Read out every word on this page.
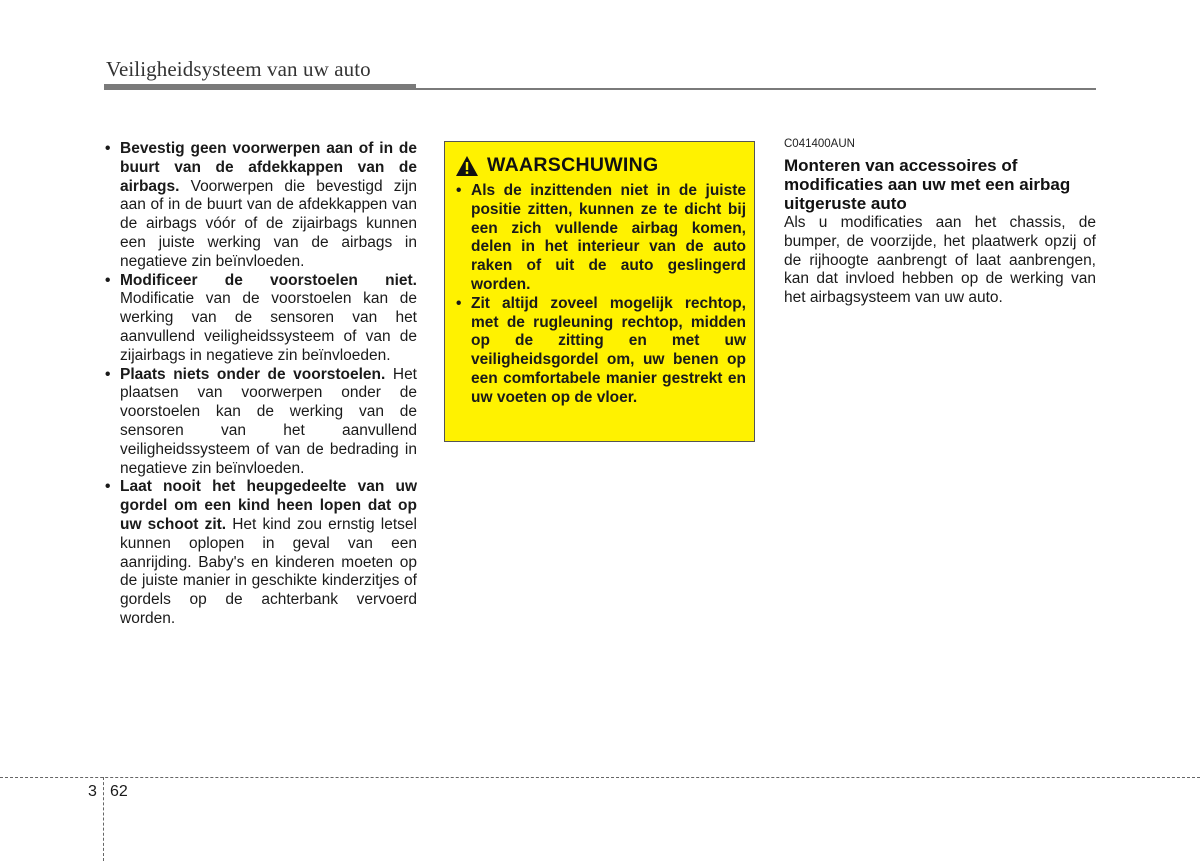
Veiligheidsysteem van uw auto
• Bevestig geen voorwerpen aan of in de buurt van de afdekkappen van de airbags. Voorwerpen die bevestigd zijn aan of in de buurt van de afdekkappen van de airbags vóór of de zijairbags kunnen een juiste werking van de airbags in negatieve zin beïnvloeden.
• Modificeer de voorstoelen niet. Modificatie van de voorstoelen kan de werking van de sensoren van het aanvullend veiligheidssysteem of van de zijairbags in negatieve zin beïnvloeden.
• Plaats niets onder de voorstoelen. Het plaatsen van voorwerpen onder de voorstoelen kan de werking van de sensoren van het aanvullend veiligheidssysteem of van de bedrading in negatieve zin beïnvloeden.
• Laat nooit het heupgedeelte van uw gordel om een kind heen lopen dat op uw schoot zit. Het kind zou ernstig letsel kunnen oplopen in geval van een aanrijding. Baby's en kinderen moeten op de juiste manier in geschikte kinderzitjes of gordels op de achterbank vervoerd worden.
WAARSCHUWING
• Als de inzittenden niet in de juiste positie zitten, kunnen ze te dicht bij een zich vullende airbag komen, delen in het interieur van de auto raken of uit de auto geslingerd worden.
• Zit altijd zoveel mogelijk rechtop, met de rugleuning rechtop, midden op de zitting en met uw veiligheidsgordel om, uw benen op een comfortabele manier gestrekt en uw voeten op de vloer.
C041400AUN
Monteren van accessoires of modificaties aan uw met een airbag uitgeruste auto
Als u modificaties aan het chassis, de bumper, de voorzijde, het plaatwerk opzij of de rijhoogte aanbrengt of laat aanbrengen, kan dat invloed hebben op de werking van het airbagsysteem van uw auto.
3 62
